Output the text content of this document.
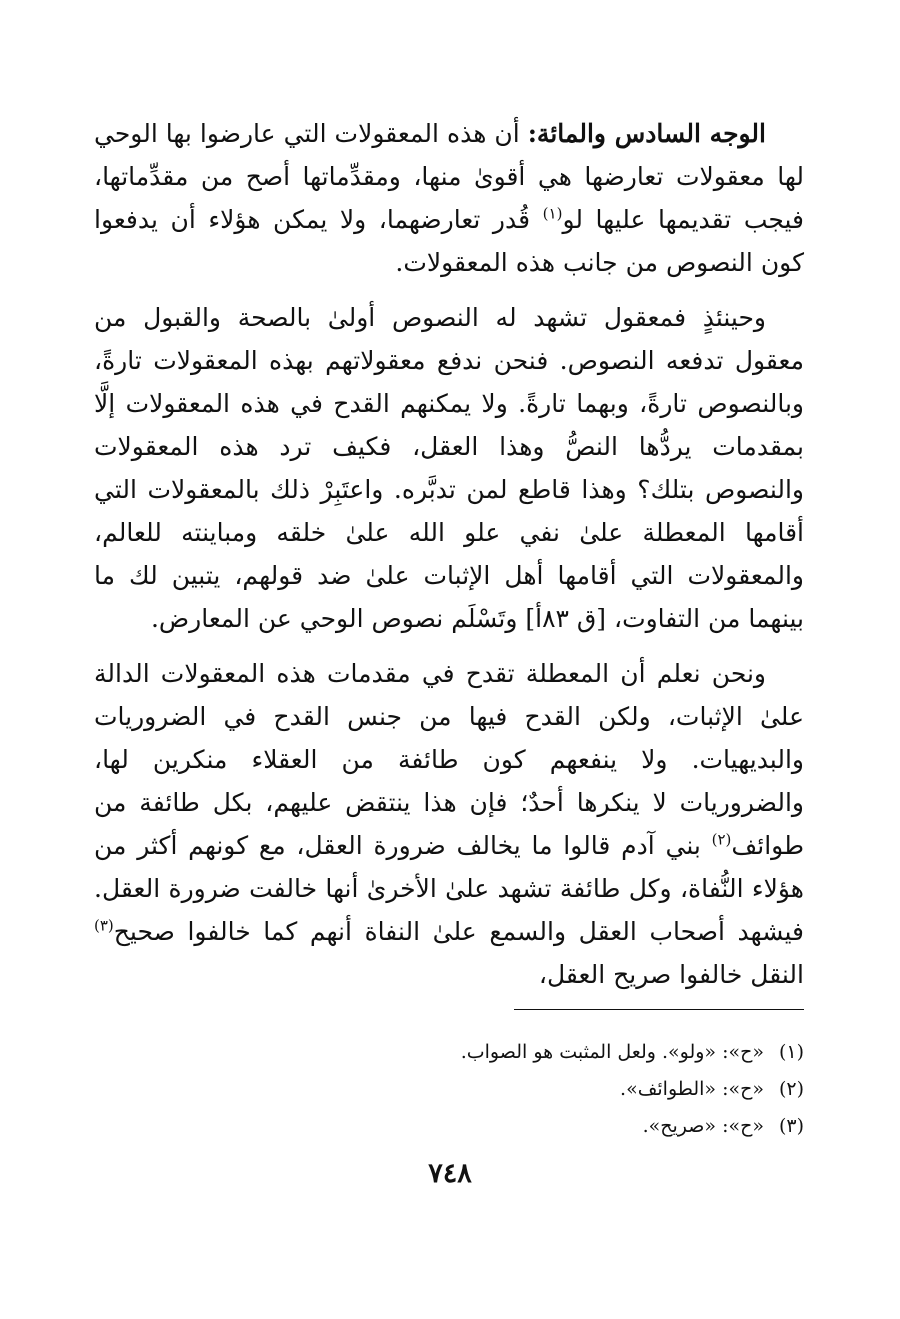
الوجه السادس والمائة: أن هذه المعقولات التي عارضوا بها الوحي لها معقولات تعارضها هي أقوىٰ منها، ومقدِّماتها أصح من مقدِّماتها، فيجب تقديمها عليها لو$^{(١)}$ قُدر تعارضهما، ولا يمكن هؤلاء أن يدفعوا كون النصوص من جانب هذه المعقولات.

وحينئذٍ فمعقول تشهد له النصوص أولىٰ بالصحة والقبول من معقول تدفعه النصوص. فنحن ندفع معقولاتهم بهذه المعقولات تارةً، وبالنصوص تارةً، وبهما تارةً. ولا يمكنهم القدح في هذه المعقولات إلَّا بمقدمات يردُّها النصُّ وهذا العقل، فكيف ترد هذه المعقولات والنصوص بتلك؟ وهذا قاطع لمن تدبَّره. واعتَبِرْ ذلك بالمعقولات التي أقامها المعطلة علىٰ نفي علو الله علىٰ خلقه ومباينته للعالم، والمعقولات التي أقامها أهل الإثبات علىٰ ضد قولهم، يتبين لك ما بينهما من التفاوت، [ق ٨٣أ] وتَسْلَم نصوص الوحي عن المعارض.

ونحن نعلم أن المعطلة تقدح في مقدمات هذه المعقولات الدالة علىٰ الإثبات، ولكن القدح فيها من جنس القدح في الضروريات والبديهيات. ولا ينفعهم كون طائفة من العقلاء منكرين لها، والضروريات لا ينكرها أحدٌ؛ فإن هذا ينتقض عليهم، بكل طائفة من طوائف$^{(٢)}$ بني آدم قالوا ما يخالف ضرورة العقل، مع كونهم أكثر من هؤلاء النُّفاة، وكل طائفة تشهد علىٰ الأخرىٰ أنها خالفت ضرورة العقل. فيشهد أصحاب العقل والسمع علىٰ النفاة أنهم كما خالفوا صحيح$^{(٣)}$ النقل خالفوا صريح العقل،

(١)«ح»: «ولو». ولعل المثبت هو الصواب.

(٢)«ح»: «الطوائف».

(٣)«ح»: «صريح».

٧٤٨
